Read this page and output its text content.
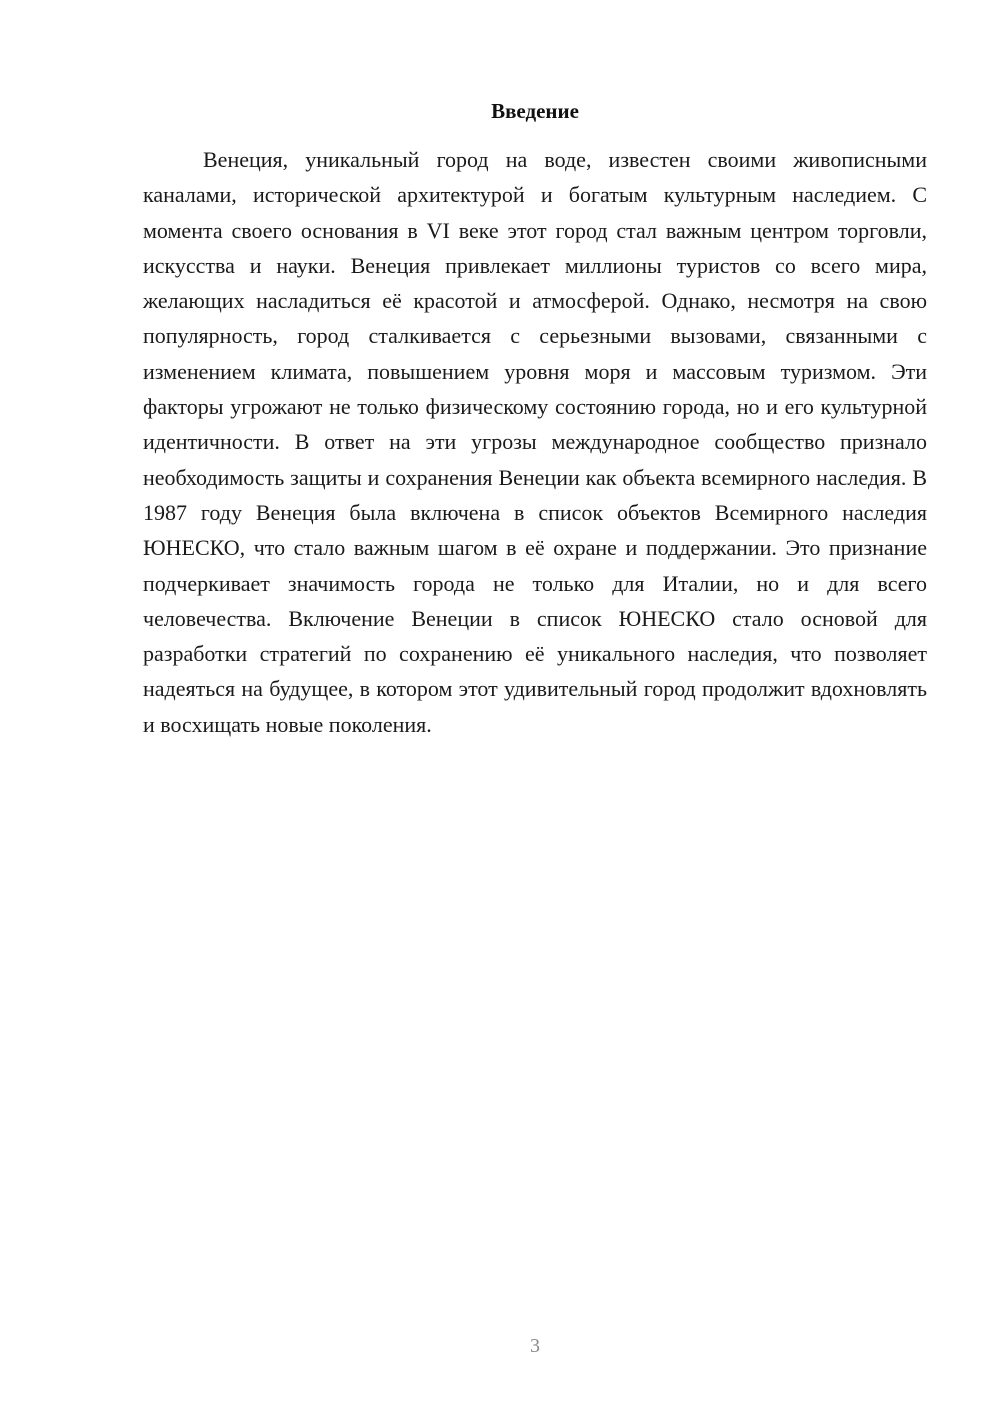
Введение

Венеция, уникальный город на воде, известен своими живописными каналами, исторической архитектурой и богатым культурным наследием. С момента своего основания в VI веке этот город стал важным центром торговли, искусства и науки. Венеция привлекает миллионы туристов со всего мира, желающих насладиться её красотой и атмосферой. Однако, несмотря на свою популярность, город сталкивается с серьезными вызовами, связанными с изменением климата, повышением уровня моря и массовым туризмом. Эти факторы угрожают не только физическому состоянию города, но и его культурной идентичности. В ответ на эти угрозы международное сообщество признало необходимость защиты и сохранения Венеции как объекта всемирного наследия. В 1987 году Венеция была включена в список объектов Всемирного наследия ЮНЕСКО, что стало важным шагом в её охране и поддержании. Это признание подчеркивает значимость города не только для Италии, но и для всего человечества. Включение Венеции в список ЮНЕСКО стало основой для разработки стратегий по сохранению её уникального наследия, что позволяет надеяться на будущее, в котором этот удивительный город продолжит вдохновлять и восхищать новые поколения.

3
